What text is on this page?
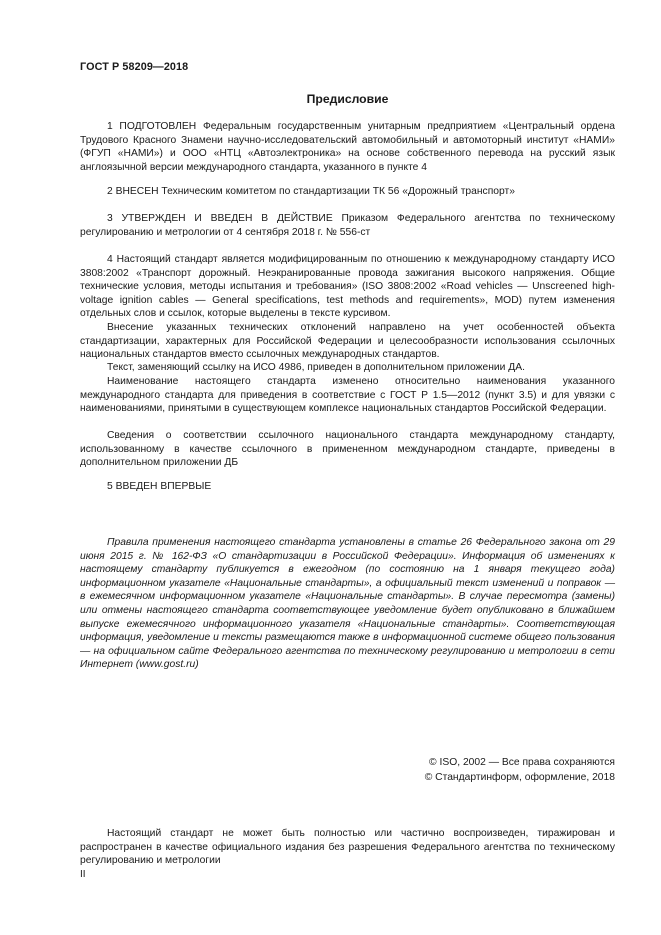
ГОСТ Р 58209—2018
Предисловие

1 ПОДГОТОВЛЕН Федеральным государственным унитарным предприятием «Центральный ордена Трудового Красного Знамени научно-исследовательский автомобильный и автомоторный институт «НАМИ» (ФГУП «НАМИ») и ООО «НТЦ «Автоэлектроника» на основе собственного перевода на русский язык англоязычной версии международного стандарта, указанного в пункте 4

2 ВНЕСЕН Техническим комитетом по стандартизации ТК 56 «Дорожный транспорт»

3 УТВЕРЖДЕН И ВВЕДЕН В ДЕЙСТВИЕ Приказом Федерального агентства по техническому регулированию и метрологии от 4 сентября 2018 г. № 556-ст

4 Настоящий стандарт является модифицированным по отношению к международному стандарту ИСО 3808:2002 «Транспорт дорожный. Неэкранированные провода зажигания высокого напряжения. Общие технические условия, методы испытания и требования» (ISO 3808:2002 «Road vehicles — Unscreened high-voltage ignition cables — General specifications, test methods and requirements», MOD) путем изменения отдельных слов и ссылок, которые выделены в тексте курсивом.

Внесение указанных технических отклонений направлено на учет особенностей объекта стандартизации, характерных для Российской Федерации и целесообразности использования ссылочных национальных стандартов вместо ссылочных международных стандартов.

Текст, заменяющий ссылку на ИСО 4986, приведен в дополнительном приложении ДА.

Наименование настоящего стандарта изменено относительно наименования указанного международного стандарта для приведения в соответствие с ГОСТ Р 1.5—2012 (пункт 3.5) и для увязки с наименованиями, принятыми в существующем комплексе национальных стандартов Российской Федерации.

Сведения о соответствии ссылочного национального стандарта международному стандарту, использованному в качестве ссылочного в примененном международном стандарте, приведены в дополнительном приложении ДБ

5 ВВЕДЕН ВПЕРВЫЕ

Правила применения настоящего стандарта установлены в статье 26 Федерального закона от 29 июня 2015 г. № 162-ФЗ «О стандартизации в Российской Федерации». Информация об изменениях к настоящему стандарту публикуется в ежегодном (по состоянию на 1 января текущего года) информационном указателе «Национальные стандарты», а официальный текст изменений и поправок — в ежемесячном информационном указателе «Национальные стандарты». В случае пересмотра (замены) или отмены настоящего стандарта соответствующее уведомление будет опубликовано в ближайшем выпуске ежемесячного информационного указателя «Национальные стандарты». Соответствующая информация, уведомление и тексты размещаются также в информационной системе общего пользования — на официальном сайте Федерального агентства по техническому регулированию и метрологии в сети Интернет (www.gost.ru)

© ISO, 2002 — Все права сохраняются

© Стандартинформ, оформление, 2018

Настоящий стандарт не может быть полностью или частично воспроизведен, тиражирован и распространен в качестве официального издания без разрешения Федерального агентства по техническому регулированию и метрологии

II
